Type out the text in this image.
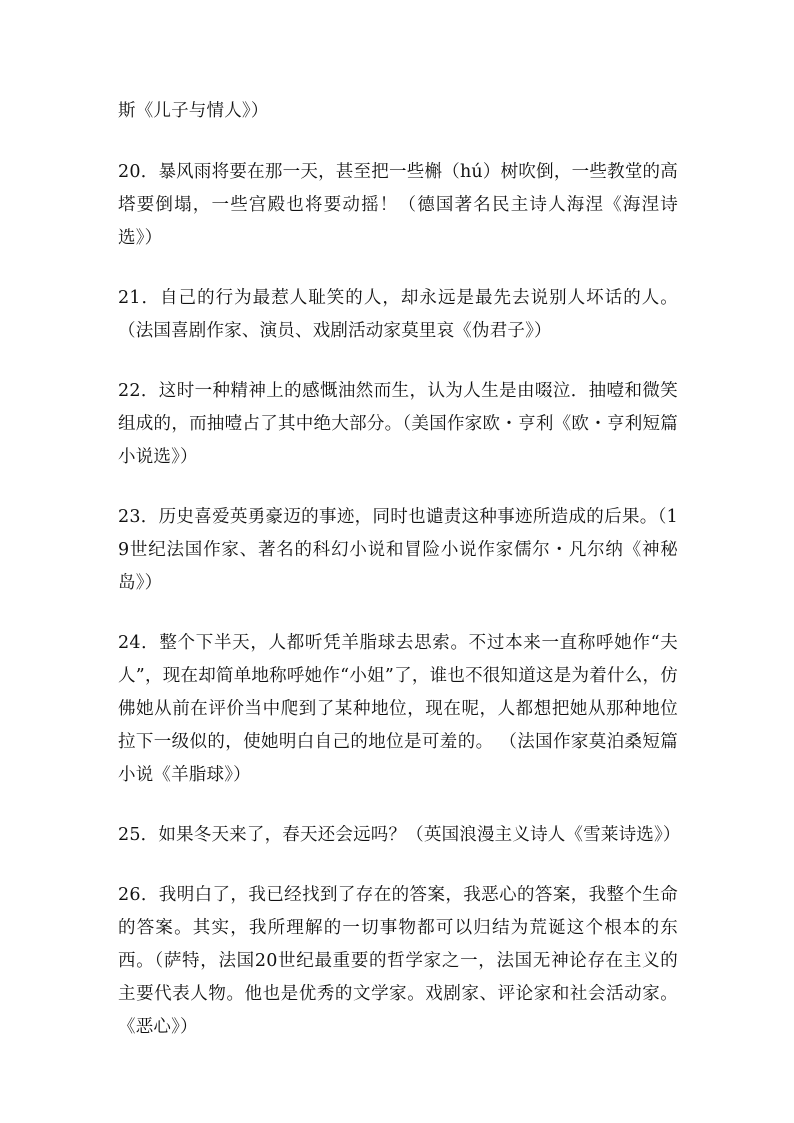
斯《儿子与情人》）

20．暴风雨将要在那一天，甚至把一些槲（hú）树吹倒，一些教堂的高塔要倒塌，一些宫殿也将要动摇！（德国著名民主诗人海涅《海涅诗选》）

21．自己的行为最惹人耻笑的人，却永远是最先去说别人坏话的人。（法国喜剧作家、演员、戏剧活动家莫里哀《伪君子》）

22．这时一种精神上的感慨油然而生，认为人生是由啜泣．抽噎和微笑组成的，而抽噎占了其中绝大部分。（美国作家欧・亨利《欧・亨利短篇小说选》）

23．历史喜爱英勇豪迈的事迹，同时也谴责这种事迹所造成的后果。（19世纪法国作家、著名的科幻小说和冒险小说作家儒尔・凡尔纳《神秘岛》）

24．整个下半天，人都听凭羊脂球去思索。不过本来一直称呼她作“夫人”，现在却简单地称呼她作“小姐”了，谁也不很知道这是为着什么，仿佛她从前在评价当中爬到了某种地位，现在呢，人都想把她从那种地位拉下一级似的，使她明白自己的地位是可羞的。 （法国作家莫泊桑短篇小说《羊脂球》）

25．如果冬天来了，春天还会远吗？（英国浪漫主义诗人《雪莱诗选》）

26．我明白了，我已经找到了存在的答案，我恶心的答案，我整个生命的答案。其实，我所理解的一切事物都可以归结为荒诞这个根本的东西。（萨特，法国20世纪最重要的哲学家之一，法国无神论存在主义的主要代表人物。他也是优秀的文学家。戏剧家、评论家和社会活动家。《恶心》）
